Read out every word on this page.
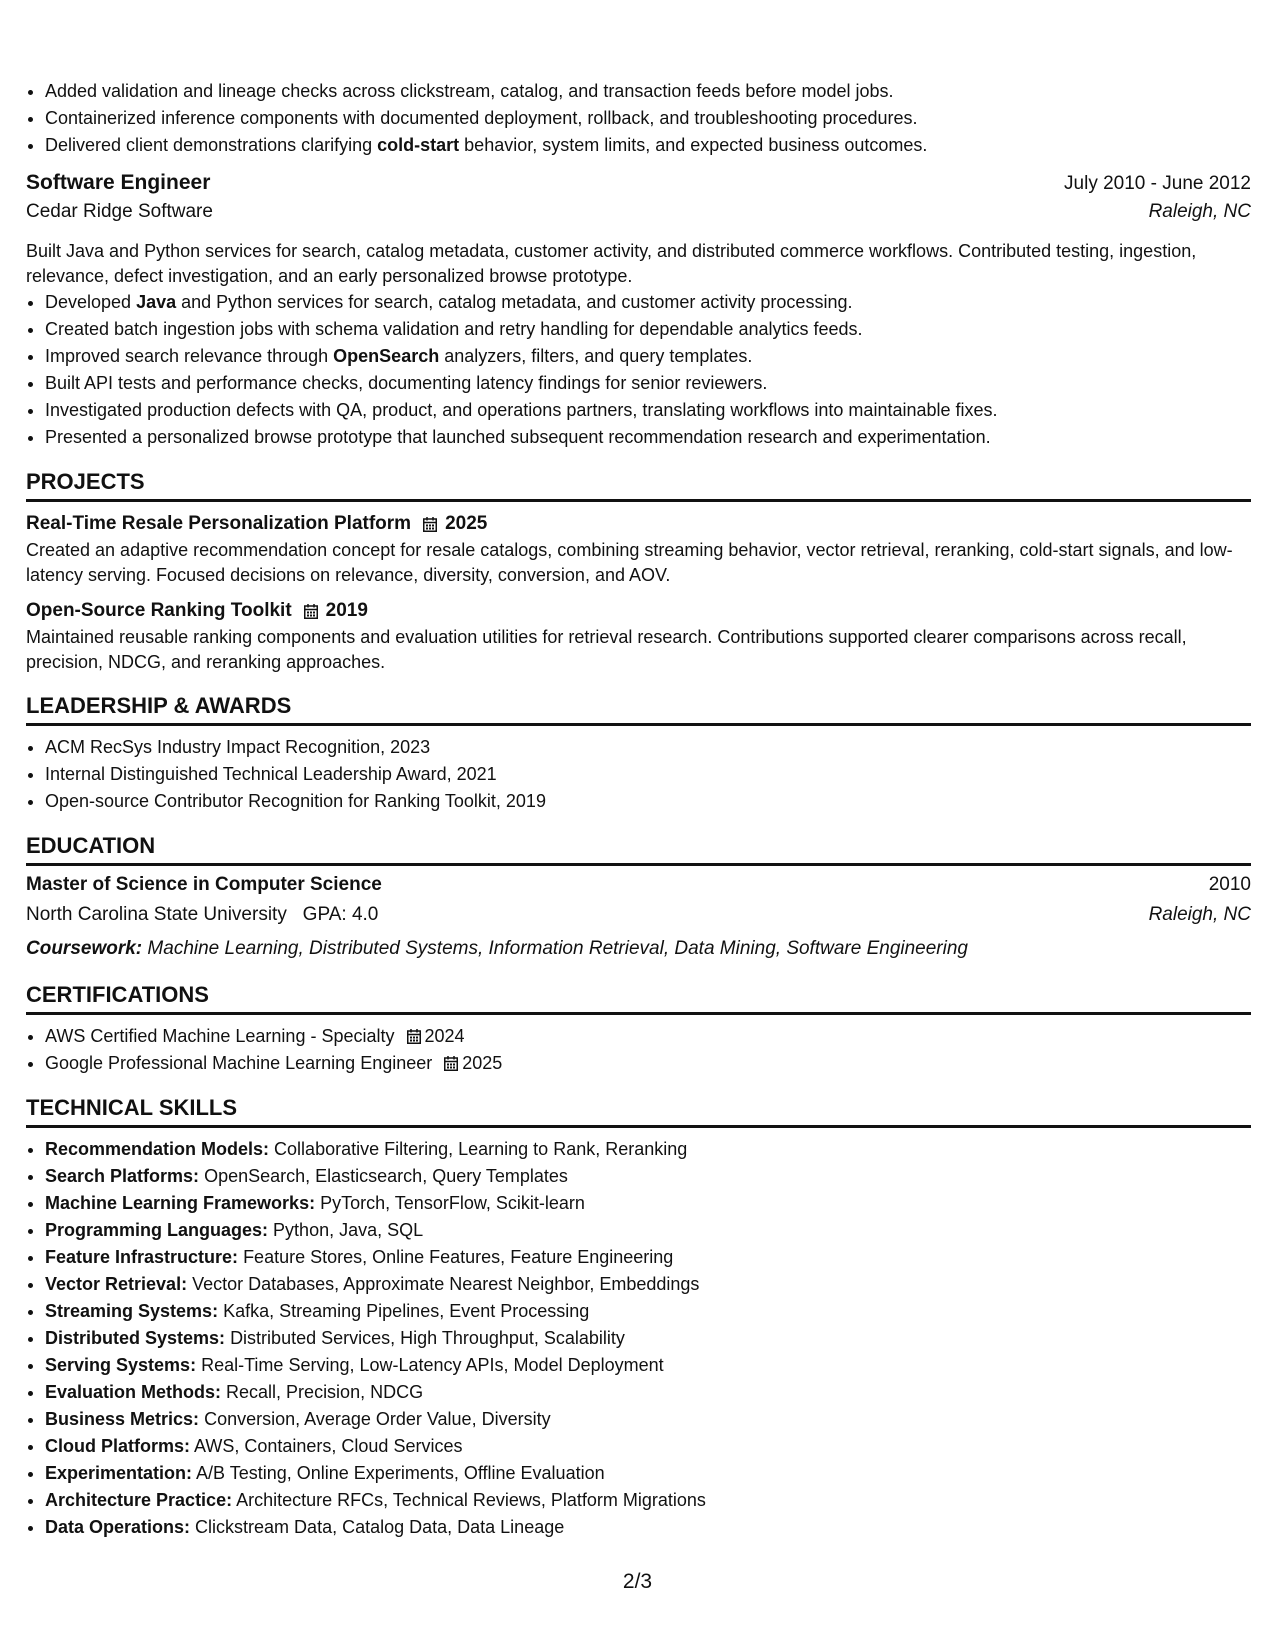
• Added validation and lineage checks across clickstream, catalog, and transaction feeds before model jobs.
• Containerized inference components with documented deployment, rollback, and troubleshooting procedures.
• Delivered client demonstrations clarifying cold-start behavior, system limits, and expected business outcomes.
Software Engineer	July 2010 - June 2012
Cedar Ridge Software	Raleigh, NC

Built Java and Python services for search, catalog metadata, customer activity, and distributed commerce workflows. Contributed testing, ingestion, relevance, defect investigation, and an early personalized browse prototype.

• Developed Java and Python services for search, catalog metadata, and customer activity processing.
• Created batch ingestion jobs with schema validation and retry handling for dependable analytics feeds.
• Improved search relevance through OpenSearch analyzers, filters, and query templates.
• Built API tests and performance checks, documenting latency findings for senior reviewers.
• Investigated production defects with QA, product, and operations partners, translating workflows into maintainable fixes.
• Presented a personalized browse prototype that launched subsequent recommendation research and experimentation.
PROJECTS
Real-Time Resale Personalization Platform 2025

Created an adaptive recommendation concept for resale catalogs, combining streaming behavior, vector retrieval, reranking, cold-start signals, and low-latency serving. Focused decisions on relevance, diversity, conversion, and AOV.

Open-Source Ranking Toolkit 2019

Maintained reusable ranking components and evaluation utilities for retrieval research. Contributions supported clearer comparisons across recall, precision, NDCG, and reranking approaches.

LEADERSHIP & AWARDS
• ACM RecSys Industry Impact Recognition, 2023
• Internal Distinguished Technical Leadership Award, 2021
• Open-source Contributor Recognition for Ranking Toolkit, 2019
EDUCATION
Master of Science in Computer Science	2010
North Carolina State University GPA: 4.0	Raleigh, NC
Coursework: Machine Learning, Distributed Systems, Information Retrieval, Data Mining, Software Engineering
CERTIFICATIONS
• AWS Certified Machine Learning - Specialty 2024
• Google Professional Machine Learning Engineer 2025
TECHNICAL SKILLS
• Recommendation Models: Collaborative Filtering, Learning to Rank, Reranking
• Search Platforms: OpenSearch, Elasticsearch, Query Templates
• Machine Learning Frameworks: PyTorch, TensorFlow, Scikit-learn
• Programming Languages: Python, Java, SQL
• Feature Infrastructure: Feature Stores, Online Features, Feature Engineering
• Vector Retrieval: Vector Databases, Approximate Nearest Neighbor, Embeddings
• Streaming Systems: Kafka, Streaming Pipelines, Event Processing
• Distributed Systems: Distributed Services, High Throughput, Scalability
• Serving Systems: Real-Time Serving, Low-Latency APIs, Model Deployment
• Evaluation Methods: Recall, Precision, NDCG
• Business Metrics: Conversion, Average Order Value, Diversity
• Cloud Platforms: AWS, Containers, Cloud Services
• Experimentation: A/B Testing, Online Experiments, Offline Evaluation
• Architecture Practice: Architecture RFCs, Technical Reviews, Platform Migrations
• Data Operations: Clickstream Data, Catalog Data, Data Lineage
2/3
